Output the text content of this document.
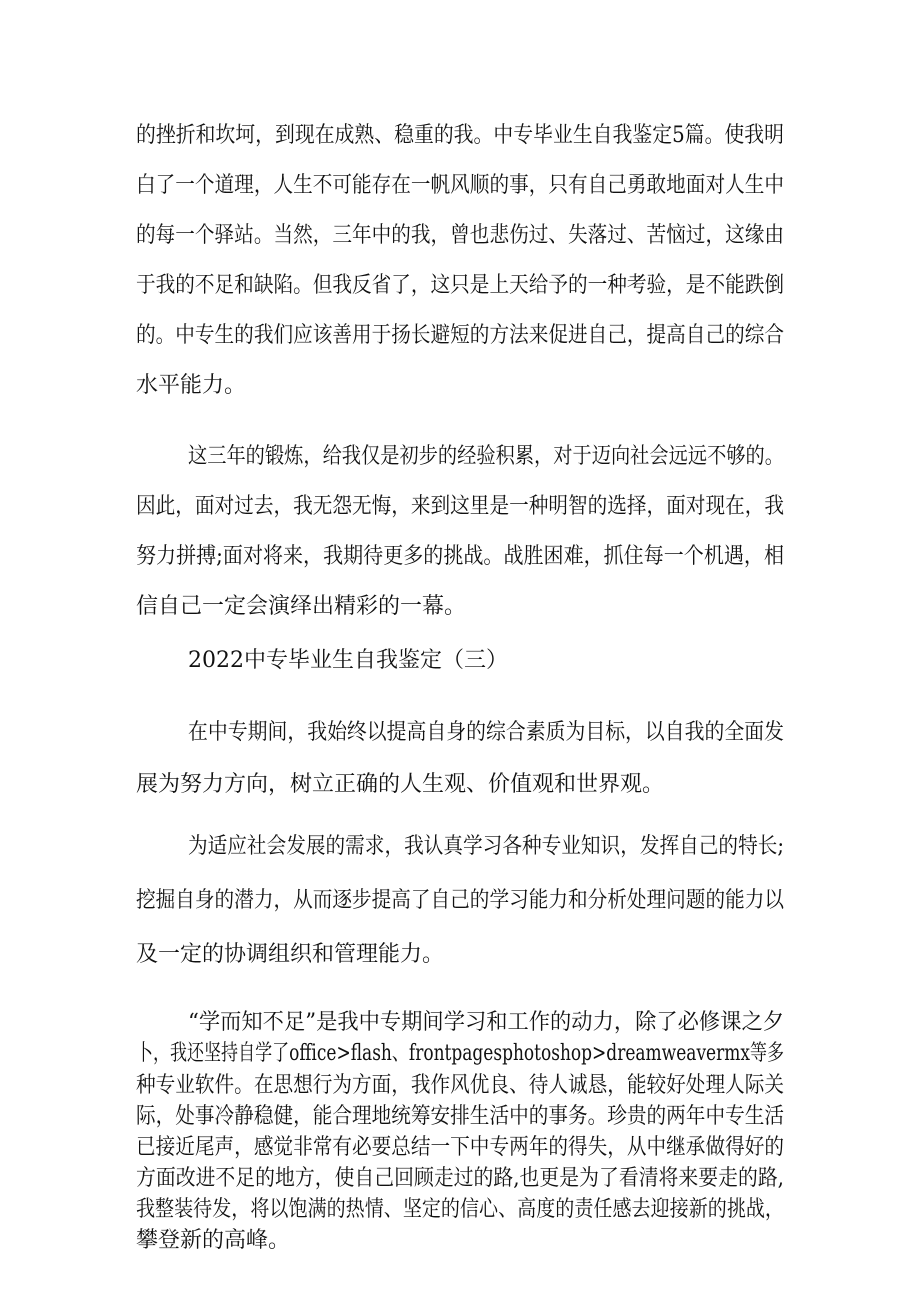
的挫折和坎坷，到现在成熟、稳重的我。中专毕业生自我鉴定5篇。使我明
白了一个道理，人生不可能存在一帆风顺的事，只有自己勇敢地面对人生中
的每一个驿站。当然，三年中的我，曾也悲伤过、失落过、苦恼过，这缘由
于我的不足和缺陷。但我反省了，这只是上天给予的一种考验，是不能跌倒
的。中专生的我们应该善用于扬长避短的方法来促进自己，提高自己的综合
水平能力。
这三年的锻炼，给我仅是初步的经验积累，对于迈向社会远远不够的。
因此，面对过去，我无怨无悔，来到这里是一种明智的选择，面对现在，我
努力拼搏;面对将来，我期待更多的挑战。战胜困难，抓住每一个机遇，相
信自己一定会演绎出精彩的一幕。
2022中专毕业生自我鉴定（三）
在中专期间，我始终以提高自身的综合素质为目标，以自我的全面发
展为努力方向，树立正确的人生观、价值观和世界观。
为适应社会发展的需求，我认真学习各种专业知识，发挥自己的特长;
挖掘自身的潜力，从而逐步提高了自己的学习能力和分析处理问题的能力以
及一定的协调组织和管理能力。
“学而知不足”是我中专期间学习和工作的动力，除了必修课之夕
卜，我还坚持自学了office>flash、frontpagesphotoshop>dreamweavermx等多
种专业软件。在思想行为方面，我作风优良、待人诚恳，能较好处理人际关
际，处事冷静稳健，能合理地统筹安排生活中的事务。珍贵的两年中专生活
已接近尾声，感觉非常有必要总结一下中专两年的得失，从中继承做得好的
方面改进不足的地方，使自己回顾走过的路,也更是为了看清将来要走的路,
我整装待发，将以饱满的热情、坚定的信心、高度的责任感去迎接新的挑战，
攀登新的高峰。
